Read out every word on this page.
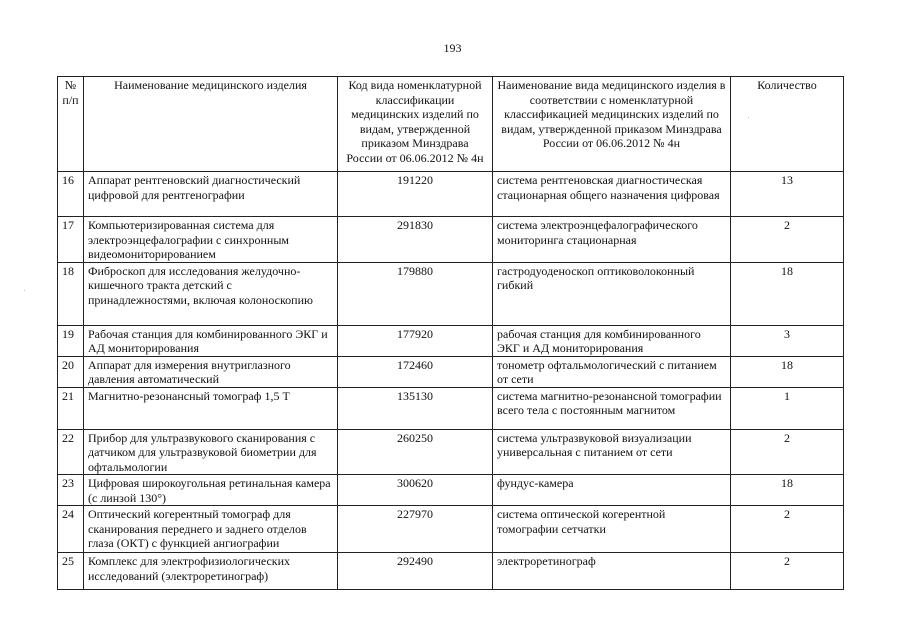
193
№ п/п	Наименование медицинского изделия	Код вида номенклатурной классификации медицинских изделий по видам, утвержденной приказом Минздрава России от 06.06.2012 № 4н	Наименование вида медицинского изделия в соответствии с номенклатурной классификацией медицинских изделий по видам, утвержденной приказом Минздрава России от 06.06.2012 № 4н	Количество
16	Аппарат рентгеновский диагностический цифровой для рентгенографии	191220	система рентгеновская диагностическая стационарная общего назначения цифровая	13
17	Компьютеризированная система для электроэнцефалографии с синхронным видеомониторированием	291830	система электроэнцефалографического мониторинга стационарная	2
18	Фиброскоп для исследования желудочно-кишечного тракта детский с принадлежностями, включая колоноскопию	179880	гастродуоденоскоп оптиковолоконный гибкий	18
19	Рабочая станция для комбинированного ЭКГ и АД мониторирования	177920	рабочая станция для комбинированного ЭКГ и АД мониторирования	3
20	Аппарат для измерения внутриглазного давления автоматический	172460	тонометр офтальмологический с питанием от сети	18
21	Магнитно-резонансный томограф 1,5 Т	135130	система магнитно-резонансной томографии всего тела с постоянным магнитом	1
22	Прибор для ультразвукового сканирования с датчиком для ультразвуковой биометрии для офтальмологии	260250	система ультразвуковой визуализации универсальная с питанием от сети	2
23	Цифровая широкоугольная ретинальная камера (с линзой 130°)	300620	фундус-камера	18
24	Оптический когерентный томограф для сканирования переднего и заднего отделов глаза (ОКТ) с функцией ангиографии	227970	система оптической когерентной томографии сетчатки	2
25	Комплекс для электрофизиологических исследований (электроретинограф)	292490	электроретинограф	2
